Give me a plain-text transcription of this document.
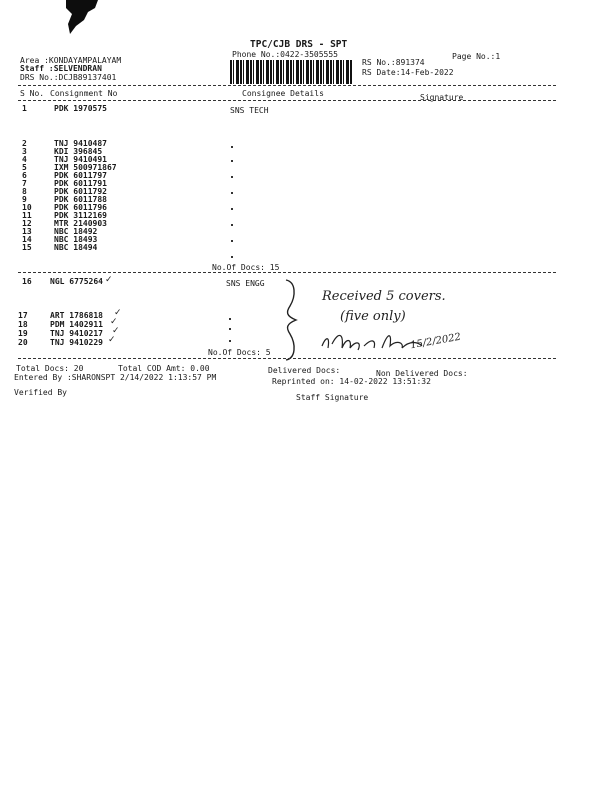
TPC/CJB DRS - SPT
Phone No.:0422-3505555	Page No.:1
RS No.:891374
RS Date:14-Feb-2022
Area :KONDAYAMPALAYAM
Staff :SELVENDRAN
DRS No.:DCJB89137401
S No. Consignment No	Consignee Details	Signature
1	PDK 1970575	SNS TECH
2	TNJ 9410487
3	KDI 396845
4	TNJ 9410491
5	IXM 500971867
6	PDK 6011797
7	PDK 6011791
8	PDK 6011792
9	PDK 6011788
10	PDK 6011796
11	PDK 3112169
12	MTR 2140903
13	NBC 18492
14	NBC 18493
15	NBC 18494
No.Of Docs: 15
16 NGL 6775264 ✓	SNS ENGG
17	ART 1786818 ✓
18	PDM 1402911 ✓
19	TNJ 9410217 ✓
20	TNJ 9410229 ✓
No.Of Docs: 5
Received 5 covers.
(five only)
15/2/2022
Total Docs: 20	Total COD Amt: 0.00	Delivered Docs:	Non Delivered Docs:
Entered By :SHARONSPT 2/14/2022 1:13:57 PM	Reprinted on: 14-02-2022 13:51:32
Verified By
Staff Signature
